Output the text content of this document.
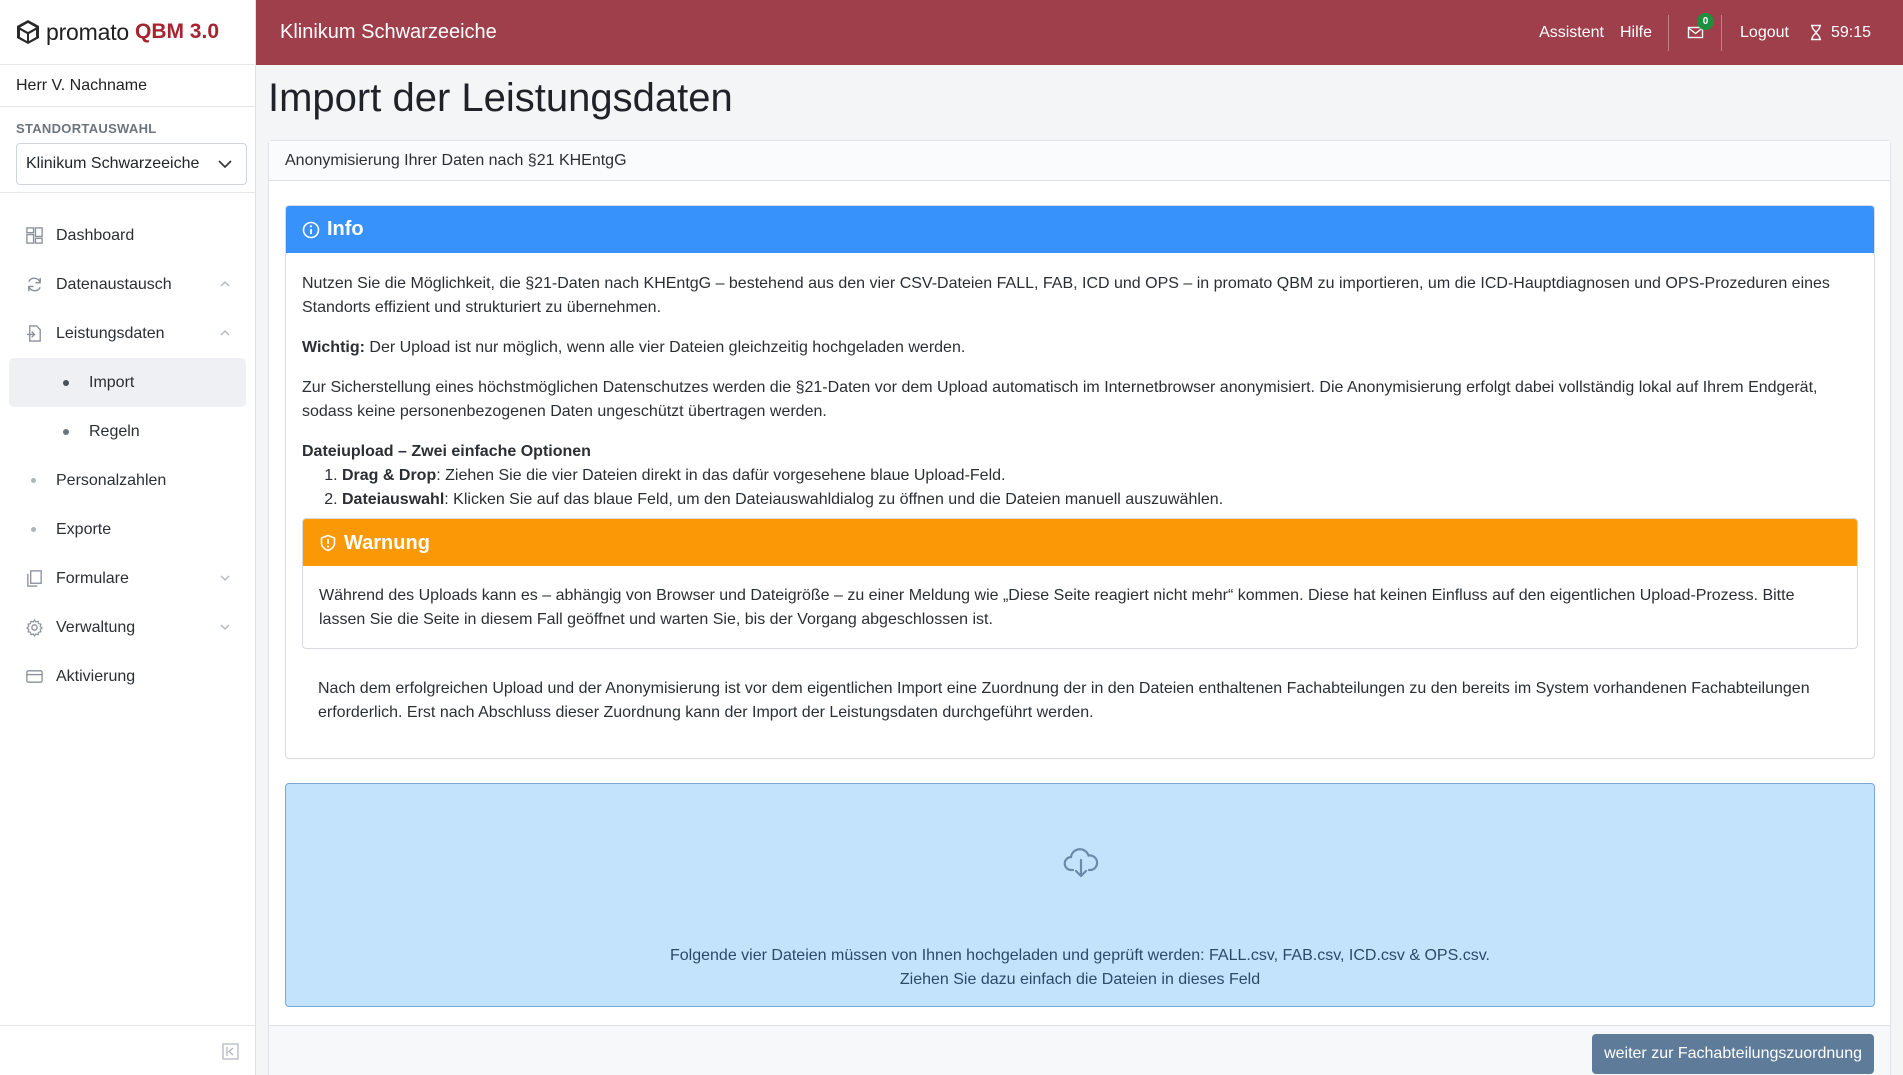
promato QBM 3.0
Herr V. Nachname
STANDORTAUSWAHL
Klinikum Schwarzeeiche
Dashboard
Datenaustausch
Leistungsdaten
Import
Regeln
Personalzahlen
Exporte
Formulare
Verwaltung
Aktivierung
Klinikum Schwarzeeiche	Assistent Hilfe
0
Logout	59:15
Import der Leistungsdaten
Anonymisierung Ihrer Daten nach §21 KHEntgG
Info

Nutzen Sie die Möglichkeit, die §21-Daten nach KHEntgG – bestehend aus den vier CSV-Dateien FALL, FAB, ICD und OPS – in promato QBM zu importieren, um die ICD-Hauptdiagnosen und OPS-Prozeduren eines Standorts effizient und strukturiert zu übernehmen.

Wichtig: Der Upload ist nur möglich, wenn alle vier Dateien gleichzeitig hochgeladen werden.

Zur Sicherstellung eines höchstmöglichen Datenschutzes werden die §21-Daten vor dem Upload automatisch im Internetbrowser anonymisiert. Die Anonymisierung erfolgt dabei vollständig lokal auf Ihrem Endgerät, sodass keine personenbezogenen Daten ungeschützt übertragen werden.

Dateiupload – Zwei einfache Optionen

1. Drag & Drop: Ziehen Sie die vier Dateien direkt in das dafür vorgesehene blaue Upload-Feld.
2. Dateiauswahl: Klicken Sie auf das blaue Feld, um den Dateiauswahldialog zu öffnen und die Dateien manuell auszuwählen.
Warnung
Während des Uploads kann es – abhängig von Browser und Dateigröße – zu einer Meldung wie „Diese Seite reagiert nicht mehr“ kommen. Diese hat keinen Einfluss auf den eigentlichen Upload-Prozess. Bitte lassen Sie die Seite in diesem Fall geöffnet und warten Sie, bis der Vorgang abgeschlossen ist.
Nach dem erfolgreichen Upload und der Anonymisierung ist vor dem eigentlichen Import eine Zuordnung der in den Dateien enthaltenen Fachabteilungen zu den bereits im System vorhandenen Fachabteilungen erforderlich. Erst nach Abschluss dieser Zuordnung kann der Import der Leistungsdaten durchgeführt werden.
Folgende vier Dateien müssen von Ihnen hochgeladen und geprüft werden: FALL.csv, FAB.csv, ICD.csv & OPS.csv.
Ziehen Sie dazu einfach die Dateien in dieses Feld
weiter zur Fachabteilungszuordnung
